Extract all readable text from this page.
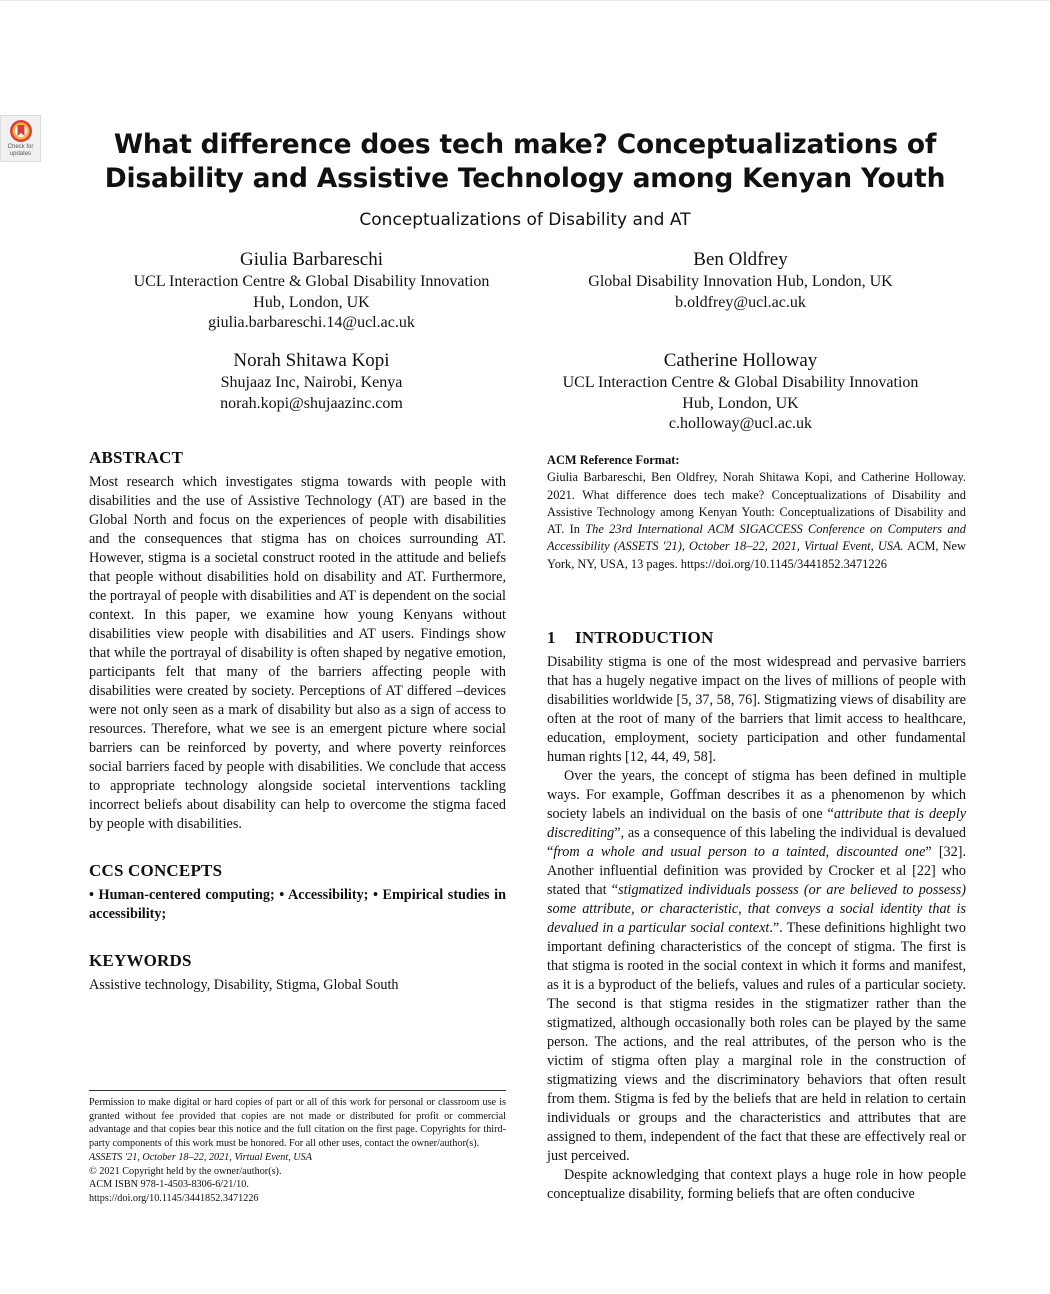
Check for
updates	What difference does tech make? Conceptualizations of
Disability and Assistive Technology among Kenyan Youth
Conceptualizations of Disability and AT
Giulia Barbareschi
UCL Interaction Centre & Global Disability Innovation
Hub, London, UK
giulia.barbareschi.14@ucl.ac.uk
Ben Oldfrey
Global Disability Innovation Hub, London, UK
b.oldfrey@ucl.ac.uk
Norah Shitawa Kopi
Shujaaz Inc, Nairobi, Kenya
norah.kopi@shujaazinc.com
Catherine Holloway
UCL Interaction Centre & Global Disability Innovation
Hub, London, UK
c.holloway@ucl.ac.uk
ABSTRACT

Most research which investigates stigma towards with people with disabilities and the use of Assistive Technology (AT) are based in the Global North and focus on the experiences of people with disabilities and the consequences that stigma has on choices surrounding AT. However, stigma is a societal construct rooted in the attitude and beliefs that people without disabilities hold on disability and AT. Furthermore, the portrayal of people with disabilities and AT is dependent on the social context. In this paper, we examine how young Kenyans without disabilities view people with disabilities and AT users. Findings show that while the portrayal of disability is often shaped by negative emotion, participants felt that many of the barriers affecting people with disabilities were created by society. Perceptions of AT differed –devices were not only seen as a mark of disability but also as a sign of access to resources. Therefore, what we see is an emergent picture where social barriers can be reinforced by poverty, and where poverty reinforces social barriers faced by people with disabilities. We conclude that access to appropriate technology alongside societal interventions tackling incorrect beliefs about disability can help to overcome the stigma faced by people with disabilities.

CCS CONCEPTS

• Human-centered computing; • Accessibility; • Empirical studies in accessibility;

KEYWORDS

Assistive technology, Disability, Stigma, Global South

Permission to make digital or hard copies of part or all of this work for personal or classroom use is granted without fee provided that copies are not made or distributed for profit or commercial advantage and that copies bear this notice and the full citation on the first page. Copyrights for third-party components of this work must be honored. For all other uses, contact the owner/author(s).

ASSETS '21, October 18–22, 2021, Virtual Event, USA

© 2021 Copyright held by the owner/author(s).

ACM ISBN 978-1-4503-8306-6/21/10.

https://doi.org/10.1145/3441852.3471226

ACM Reference Format:

Giulia Barbareschi, Ben Oldfrey, Norah Shitawa Kopi, and Catherine Holloway. 2021. What difference does tech make? Conceptualizations of Disability and Assistive Technology among Kenyan Youth: Conceptualizations of Disability and AT. In The 23rd International ACM SIGACCESS Conference on Computers and Accessibility (ASSETS '21), October 18–22, 2021, Virtual Event, USA. ACM, New York, NY, USA, 13 pages. https://doi.org/10.1145/3441852.3471226

1 INTRODUCTION

Disability stigma is one of the most widespread and pervasive barriers that has a hugely negative impact on the lives of millions of people with disabilities worldwide [5, 37, 58, 76]. Stigmatizing views of disability are often at the root of many of the barriers that limit access to healthcare, education, employment, society participation and other fundamental human rights [12, 44, 49, 58].

Over the years, the concept of stigma has been defined in multiple ways. For example, Goffman describes it as a phenomenon by which society labels an individual on the basis of one “attribute that is deeply discrediting”, as a consequence of this labeling the individual is devalued “from a whole and usual person to a tainted, discounted one” [32]. Another influential definition was provided by Crocker et al [22] who stated that “stigmatized individuals possess (or are believed to possess) some attribute, or characteristic, that conveys a social identity that is devalued in a particular social context.”. These definitions highlight two important defining characteristics of the concept of stigma. The first is that stigma is rooted in the social context in which it forms and manifest, as it is a byproduct of the beliefs, values and rules of a particular society. The second is that stigma resides in the stigmatizer rather than the stigmatized, although occasionally both roles can be played by the same person. The actions, and the real attributes, of the person who is the victim of stigma often play a marginal role in the construction of stigmatizing views and the discriminatory behaviors that often result from them. Stigma is fed by the beliefs that are held in relation to certain individuals or groups and the characteristics and attributes that are assigned to them, independent of the fact that these are effectively real or just perceived.

Despite acknowledging that context plays a huge role in how people conceptualize disability, forming beliefs that are often conducive
